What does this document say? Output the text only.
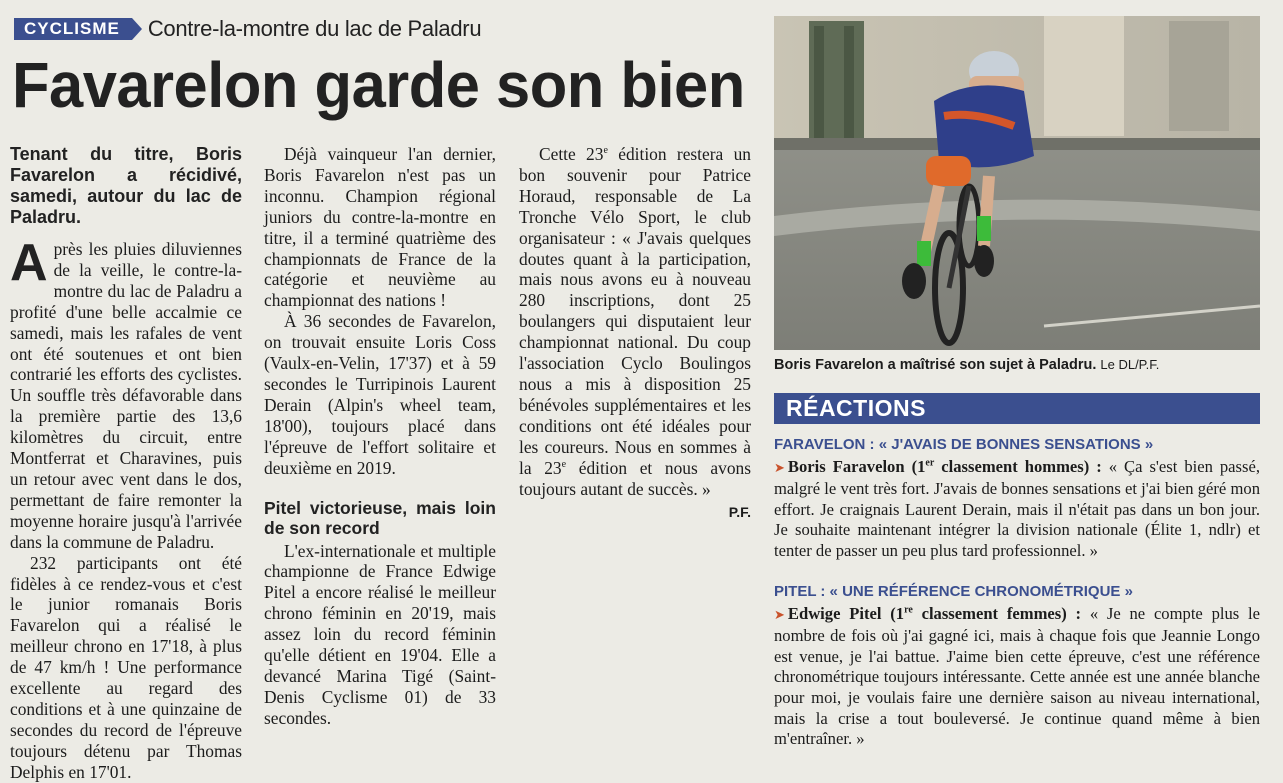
CYCLISME	Contre-la-montre du lac de Paladru
Favarelon garde son bien
Tenant du titre, Boris Favarelon a récidivé, samedi, autour du lac de Paladru.

Après les pluies diluviennes de la veille, le contre-la-montre du lac de Paladru a profité d'une belle accalmie ce samedi, mais les rafales de vent ont été soutenues et ont bien contrarié les efforts des cyclistes. Un souffle très défavorable dans la première partie des 13,6 kilomètres du circuit, entre Montferrat et Charavines, puis un retour avec vent dans le dos, permettant de faire remonter la moyenne horaire jusqu'à l'arrivée dans la commune de Paladru.

232 participants ont été fidèles à ce rendez-vous et c'est le junior romanais Boris Favarelon qui a réalisé le meilleur chrono en 17'18, à plus de 47 km/h ! Une performance excellente au regard des conditions et à une quinzaine de secondes du record de l'épreuve toujours détenu par Thomas Delphis en 17'01.

Déjà vainqueur l'an dernier, Boris Favarelon n'est pas un inconnu. Champion régional juniors du contre-la-montre en titre, il a terminé quatrième des championnats de France de la catégorie et neuvième au championnat des nations !

À 36 secondes de Favarelon, on trouvait ensuite Loris Coss (Vaulx-en-Velin, 17'37) et à 59 secondes le Turripinois Laurent Derain (Alpin's wheel team, 18'00), toujours placé dans l'épreuve de l'effort solitaire et deuxième en 2019.

Pitel victorieuse, mais loin de son record

L'ex-internationale et multiple championne de France Edwige Pitel a encore réalisé le meilleur chrono féminin en 20'19, mais assez loin du record féminin qu'elle détient en 19'04. Elle a devancé Marina Tigé (Saint-Denis Cyclisme 01) de 33 secondes.

Cette 23e édition restera un bon souvenir pour Patrice Horaud, responsable de La Tronche Vélo Sport, le club organisateur : « J'avais quelques doutes quant à la participation, mais nous avons eu à nouveau 280 inscriptions, dont 25 boulangers qui disputaient leur championnat national. Du coup l'association Cyclo Boulingos nous a mis à disposition 25 bénévoles supplémentaires et les conditions ont été idéales pour les coureurs. Nous en sommes à la 23e édition et nous avons toujours autant de succès. »

P.F.
Boris Favarelon a maîtrisé son sujet à Paladru. Le DL/P.F.
RÉACTIONS
FARAVELON : « J'AVAIS DE BONNES SENSATIONS »
➤ Boris Faravelon (1er classement hommes) : « Ça s'est bien passé, malgré le vent très fort. J'avais de bonnes sensations et j'ai bien géré mon effort. Je craignais Laurent Derain, mais il n'était pas dans un bon jour. Je souhaite maintenant intégrer la division nationale (Élite 1, ndlr) et tenter de passer un peu plus tard professionnel. »
PITEL : « UNE RÉFÉRENCE CHRONOMÉTRIQUE »
➤ Edwige Pitel (1re classement femmes) : « Je ne compte plus le nombre de fois où j'ai gagné ici, mais à chaque fois que Jeannie Longo est venue, je l'ai battue. J'aime bien cette épreuve, c'est une référence chronométrique toujours intéressante. Cette année est une année blanche pour moi, je voulais faire une dernière saison au niveau international, mais la crise a tout bouleversé. Je continue quand même à bien m'entraîner. »
